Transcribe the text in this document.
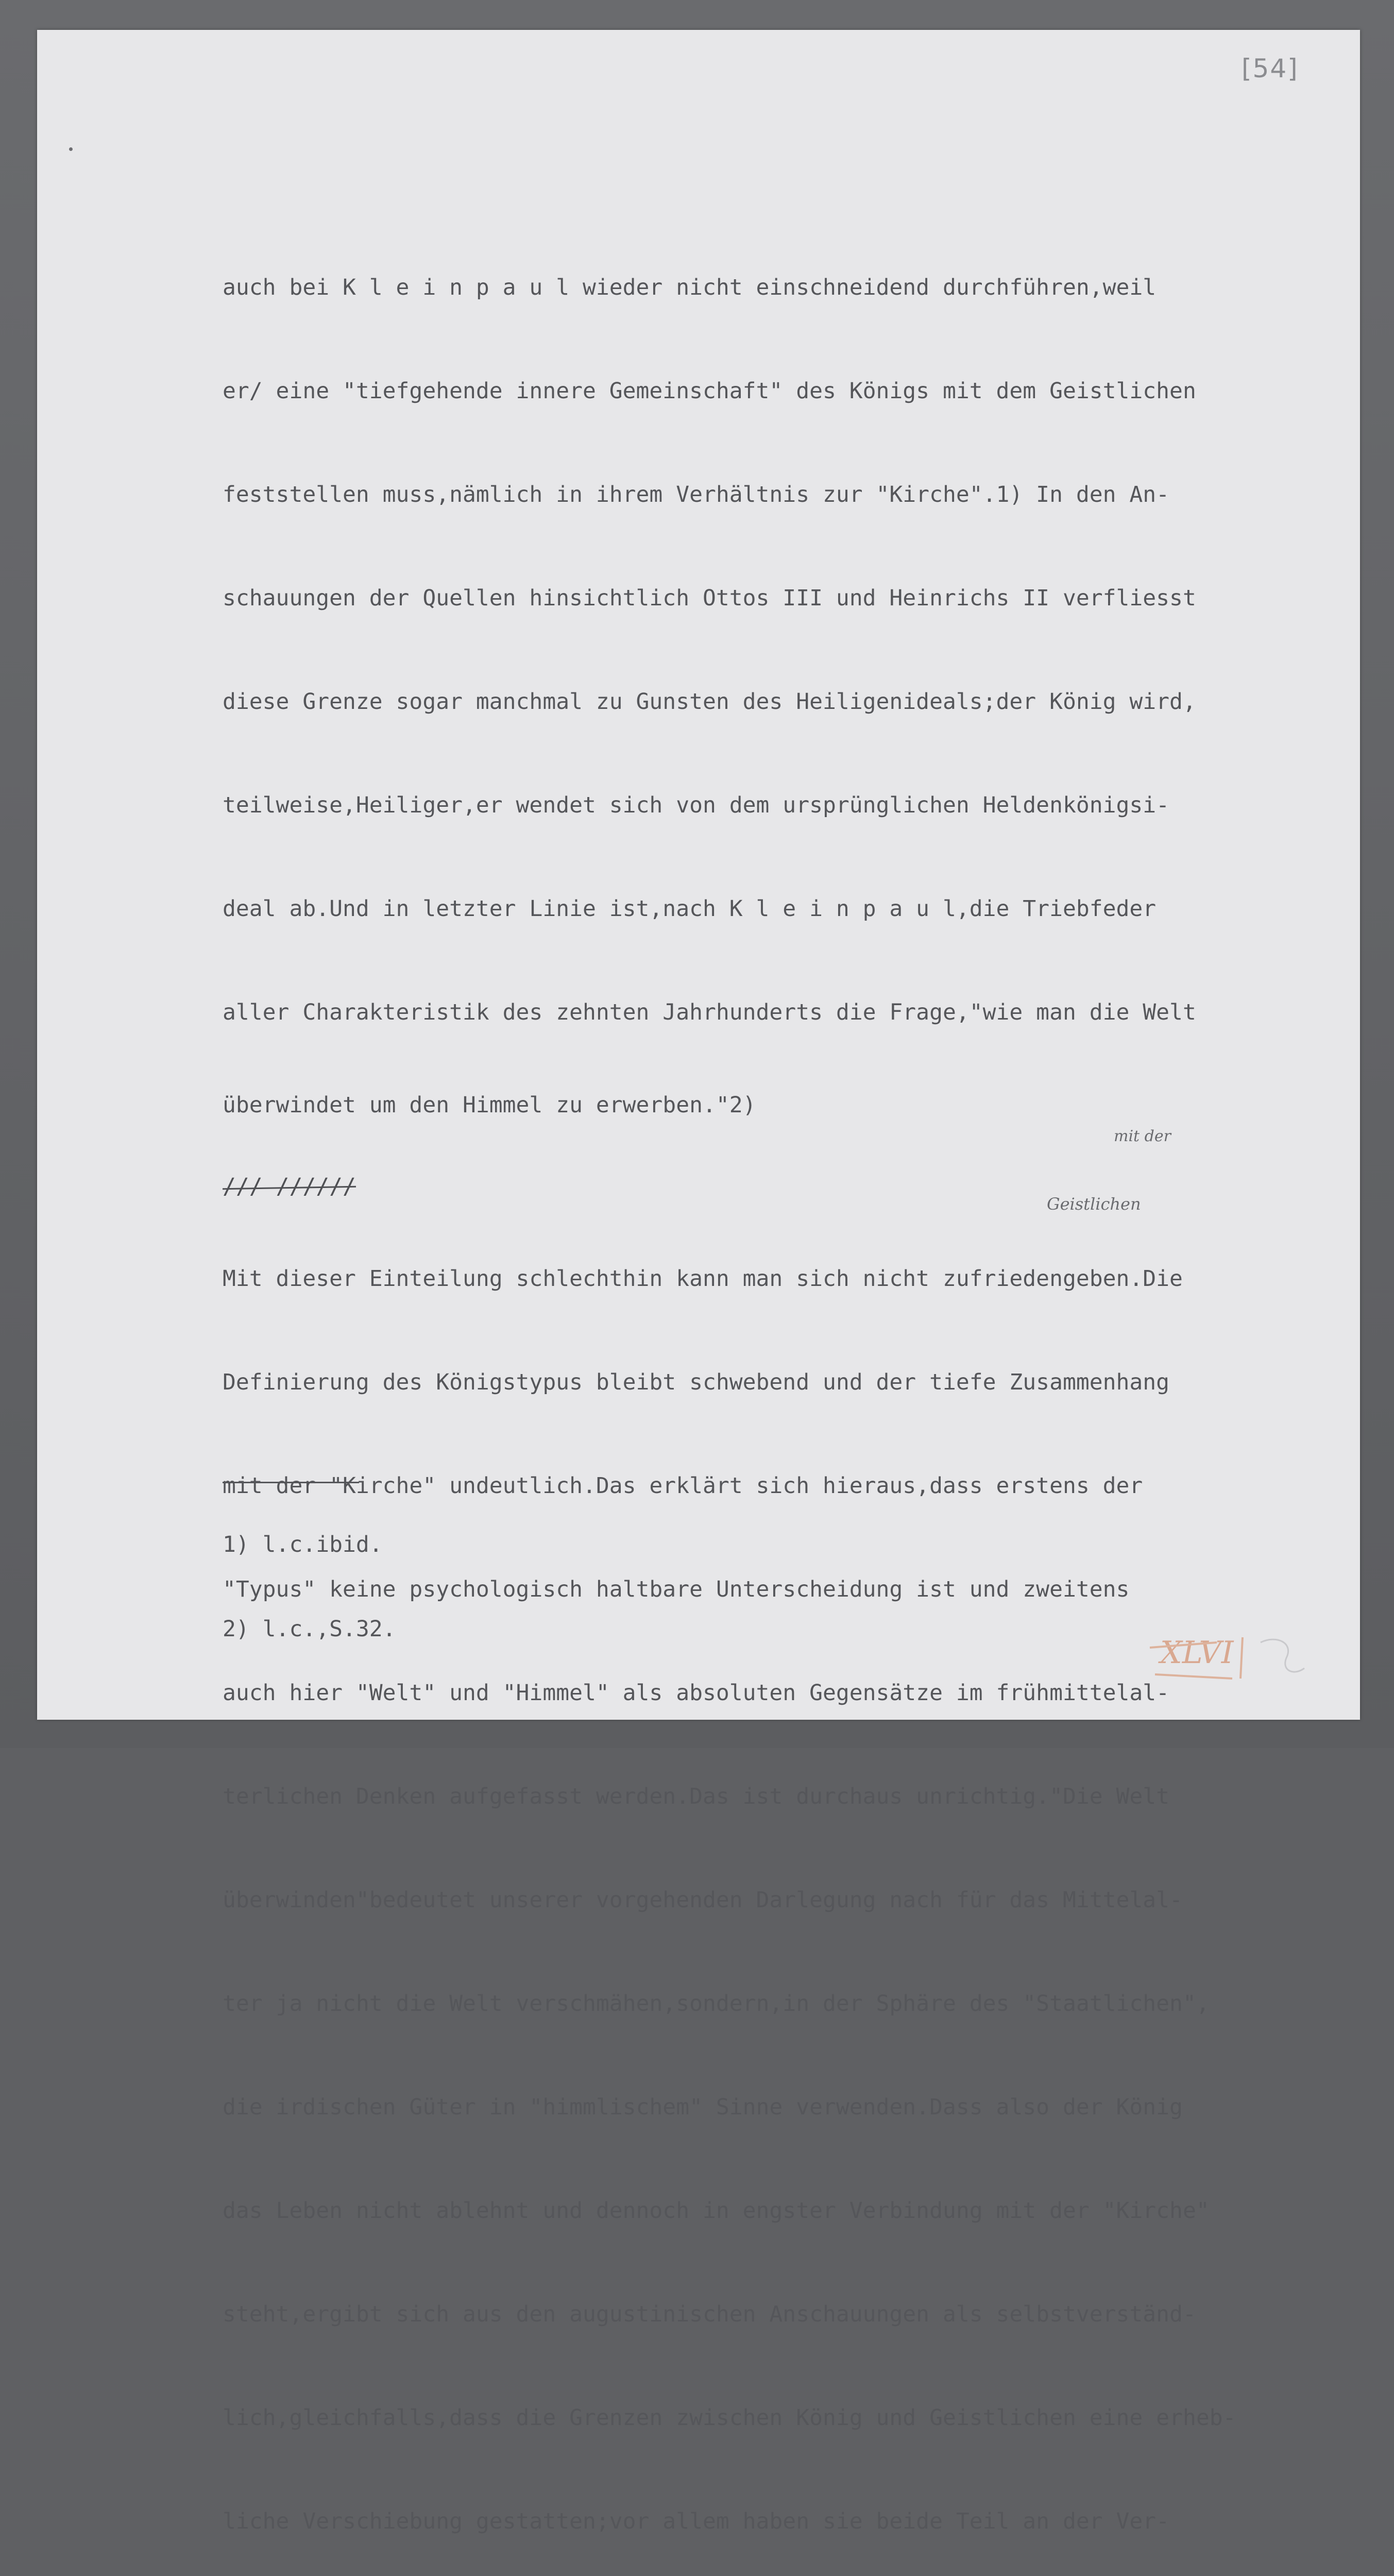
[54]
mit der
Geistlichen

auch bei K l e i n p a u l wieder nicht einschneidend durchführen,weil

er/ eine "tiefgehende innere Gemeinschaft" des Königs mit dem Geistlichen

feststellen muss,nämlich in ihrem Verhältnis zur "Kirche".1) In den An-

schauungen der Quellen hinsichtlich Ottos III und Heinrichs II verfliesst

diese Grenze sogar manchmal zu Gunsten des Heiligenideals;der König wird,

teilweise,Heiliger,er wendet sich von dem ursprünglichen Heldenkönigsi-

deal ab.Und in letzter Linie ist,nach K l e i n p a u l,die Triebfeder

aller Charakteristik des zehnten Jahrhunderts die Frage,"wie man die Welt

überwindet um den Himmel zu erwerben."2)

/// //////

Mit dieser Einteilung schlechthin kann man sich nicht zufriedengeben.Die

Definierung des Königstypus bleibt schwebend und der tiefe Zusammenhang

mit der "Kirche" undeutlich.Das erklärt sich hieraus,dass erstens der

"Typus" keine psychologisch haltbare Unterscheidung ist und zweitens

auch hier "Welt" und "Himmel" als absoluten Gegensätze im frühmittelal-

terlichen Denken aufgefasst werden.Das ist durchaus unrichtig."Die Welt

überwinden"bedeutet unserer vorgehenden Darlegung nach für das Mittelal-

ter ja nicht die Welt verschmähen,sondern,in der Sphäre des "Staatlichen",

die irdischen Güter in "himmlischem" Sinne verwenden.Dass also der König

das Leben nicht ablehnt und dennoch in engster Verbindung mit der "Kirche"

steht,ergibt sich aus den augustinischen Anschauungen als selbstverständ-

lich,gleichfalls,dass die Grenzen zwischen König und Geistlichen eine erheb-

liche Verschiebung gestatten;vor allem haben sie beide Teil an der Ver-

1) l.c.ibid.

2) l.c.,S.32.

XLVI
